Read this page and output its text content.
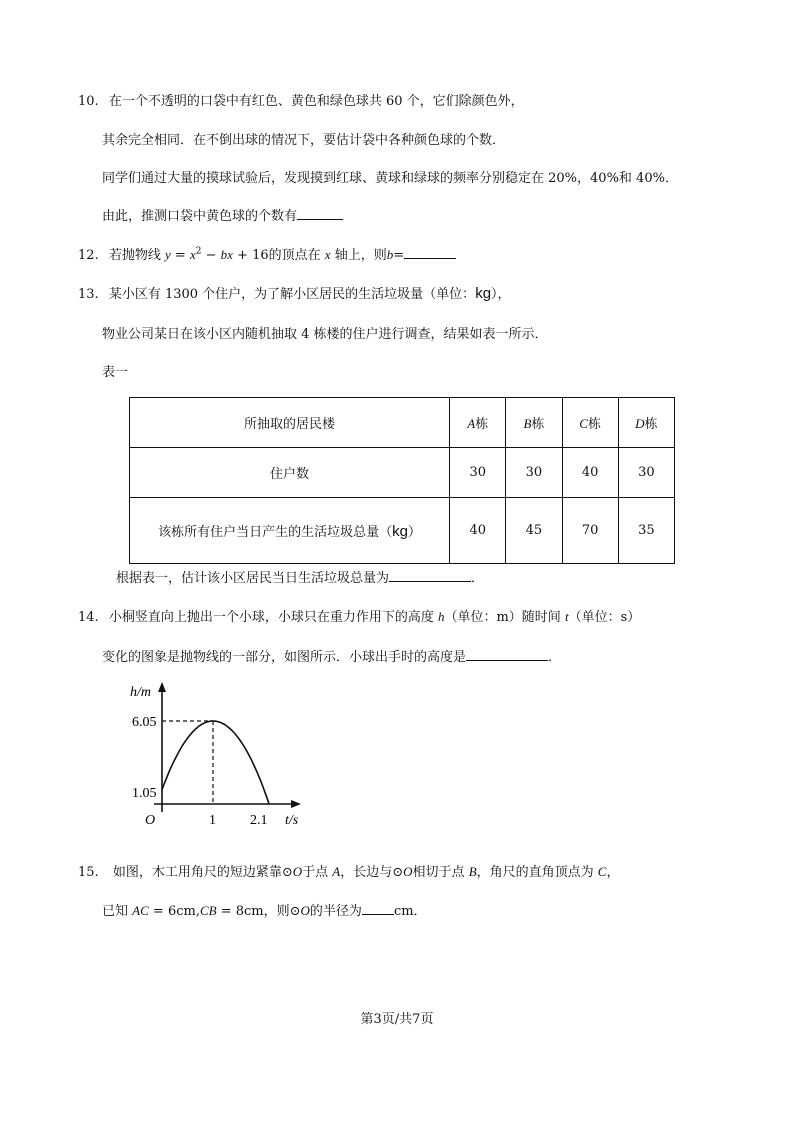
10. 在一个不透明的口袋中有红色、黄色和绿色球共 60 个，它们除颜色外，
其余完全相同．在不倒出球的情况下，要估计袋中各种颜色球的个数．
同学们通过大量的摸球试验后，发现摸到红球、黄球和绿球的频率分别稳定在 20%，40%和 40%．
由此，推测口袋中黄色球的个数有
12. 若抛物线 $y = x^2$ − bx + 16的顶点在 x 轴上，则b=
13. 某小区有 1300 个住户，为了解小区居民的生活垃圾量（单位：kg），
物业公司某日在该小区内随机抽取 4 栋楼的住户进行调查，结果如表一所示．
表一
所抽取的居民楼	A栋	B栋	C栋	D栋
住户数	30	30	40	30
该栋所有住户当日产生的生活垃圾总量（kg）	40	45	70	35
根据表一，估计该小区居民当日生活垃圾总量为	．
14. 小桐竖直向上抛出一个小球，小球只在重力作用下的高度 h（单位：m）随时间 t（单位：s）
变化的图象是抛物线的一部分，如图所示．小球出手时的高度是	．
h/m
6.05
1.05
O	1 2.1 t/s
15. 如图，木工用角尺的短边紧靠⊙O于点 A，长边与⊙O相切于点 B，角尺的直角顶点为 C，
已知 AC = 6cm,CB = 8cm，则⊙O的半径为 cm．
第3页/共7页
